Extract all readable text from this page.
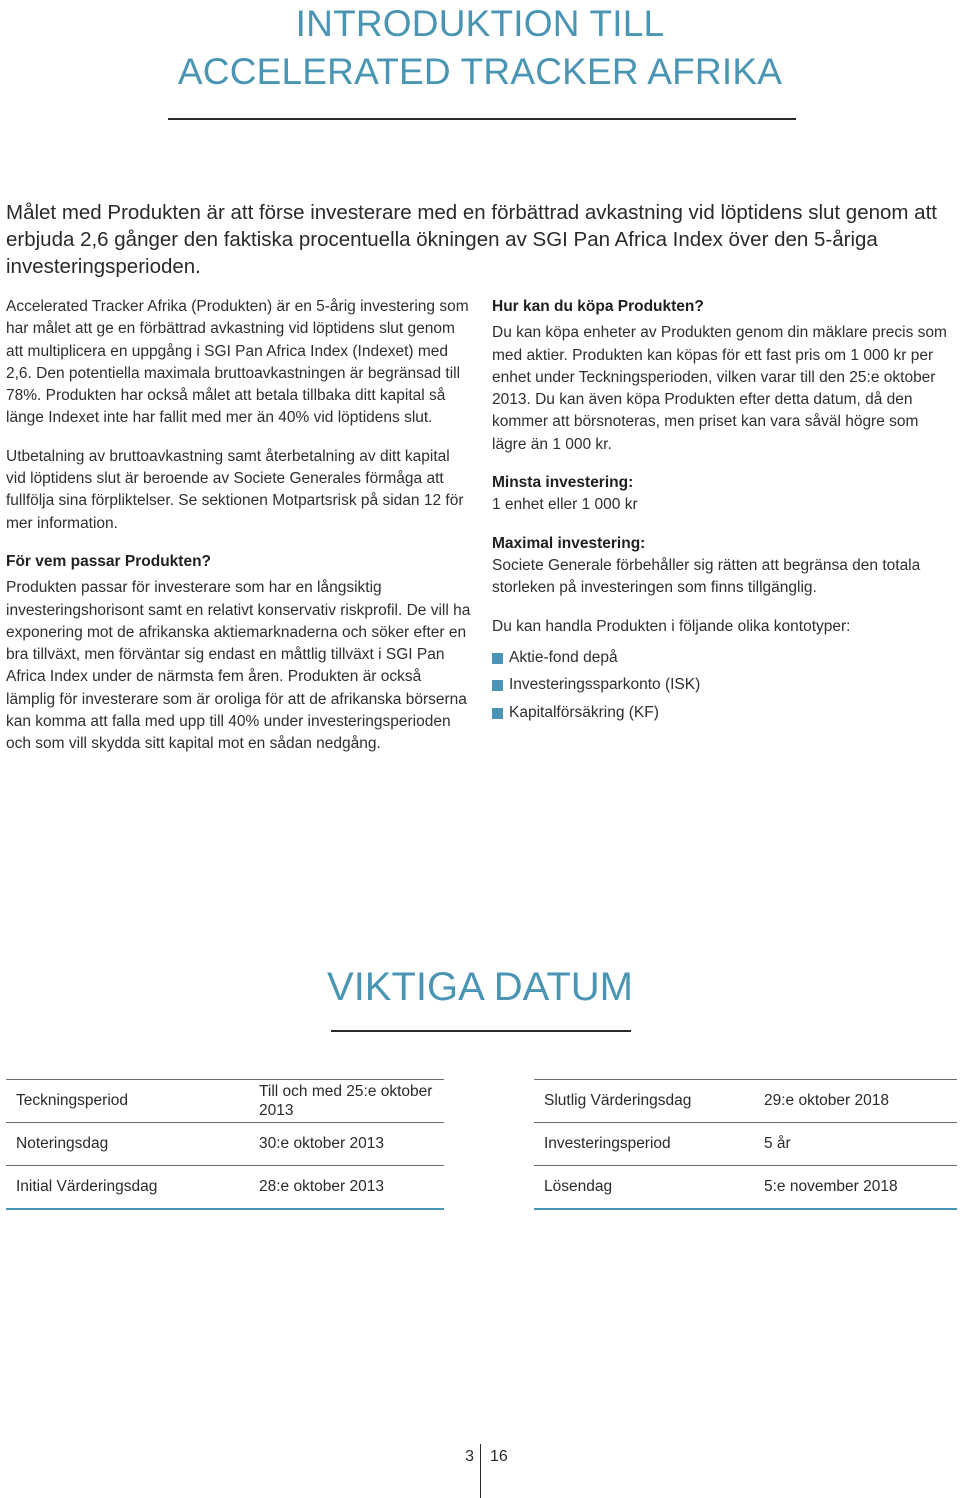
INTRODUKTION TILL
ACCELERATED TRACKER AFRIKA

Målet med Produkten är att förse investerare med en förbättrad avkastning vid löptidens slut genom att erbjuda 2,6 gånger den faktiska procentuella ökningen av SGI Pan Africa Index över den 5-åriga investeringsperioden.

Accelerated Tracker Afrika (Produkten) är en 5-årig investering som har målet att ge en förbättrad avkastning vid löptidens slut genom att multiplicera en uppgång i SGI Pan Africa Index (Indexet) med 2,6. Den potentiella maximala bruttoavkastningen är begränsad till 78%. Produkten har också målet att betala tillbaka ditt kapital så länge Indexet inte har fallit med mer än 40% vid löptidens slut.

Utbetalning av bruttoavkastning samt återbetalning av ditt kapital vid löptidens slut är beroende av Societe Generales förmåga att fullfölja sina förpliktelser. Se sektionen Motpartsrisk på sidan 12 för mer information.

För vem passar Produkten?

Produkten passar för investerare som har en långsiktig investeringshorisont samt en relativt konservativ riskprofil. De vill ha exponering mot de afrikanska aktiemarknaderna och söker efter en bra tillväxt, men förväntar sig endast en måttlig tillväxt i SGI Pan Africa Index under de närmsta fem åren. Produkten är också lämplig för investerare som är oroliga för att de afrikanska börserna kan komma att falla med upp till 40% under investeringsperioden och som vill skydda sitt kapital mot en sådan nedgång.

Hur kan du köpa Produkten?

Du kan köpa enheter av Produkten genom din mäklare precis som med aktier. Produkten kan köpas för ett fast pris om 1 000 kr per enhet under Teckningsperioden, vilken varar till den 25:e oktober 2013. Du kan även köpa Produkten efter detta datum, då den kommer att börsnoteras, men priset kan vara såväl högre som lägre än 1 000 kr.

Minsta investering:

1 enhet eller 1 000 kr

Maximal investering:

Societe Generale förbehåller sig rätten att begränsa den totala storleken på investeringen som finns tillgänglig.

Du kan handla Produkten i följande olika kontotyper:

Aktie-fond depå
Investeringssparkonto (ISK)
Kapitalförsäkring (KF)
VIKTIGA DATUM
Teckningsperiod	Till och med 25:e oktober 2013
Noteringsdag	30:e oktober 2013
Initial Värderingsdag	28:e oktober 2013
Slutlig Värderingsdag	29:e oktober 2018
Investeringsperiod	5 år
Lösendag	5:e november 2018
3 16
